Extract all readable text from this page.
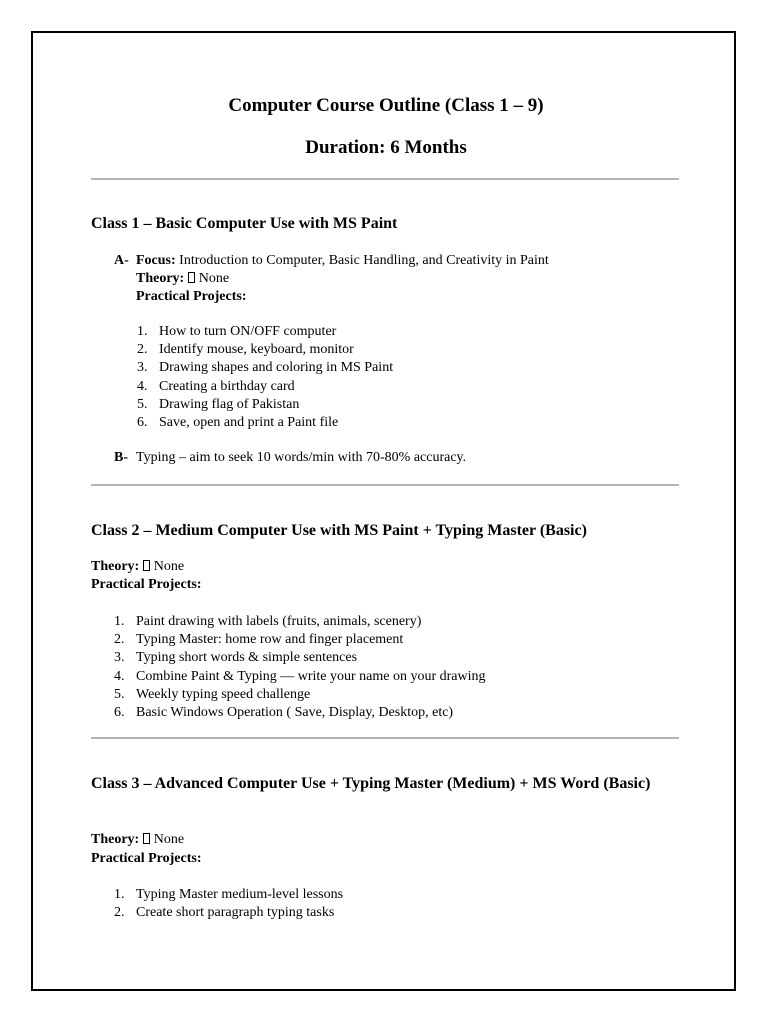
Computer Course Outline (Class 1 – 9)
Duration: 6 Months
Class 1 – Basic Computer Use with MS Paint
A- Focus: Introduction to Computer, Basic Handling, and Creativity in Paint
Theory: None
Practical Projects:
1. How to turn ON/OFF computer
2. Identify mouse, keyboard, monitor
3. Drawing shapes and coloring in MS Paint
4. Creating a birthday card
5. Drawing flag of Pakistan
6. Save, open and print a Paint file
B- Typing – aim to seek 10 words/min with 70-80% accuracy.
Class 2 – Medium Computer Use with MS Paint + Typing Master (Basic)
Theory: None
Practical Projects:
1. Paint drawing with labels (fruits, animals, scenery)
2. Typing Master: home row and finger placement
3. Typing short words & simple sentences
4. Combine Paint & Typing — write your name on your drawing
5. Weekly typing speed challenge
6. Basic Windows Operation ( Save, Display, Desktop, etc)
Class 3 – Advanced Computer Use + Typing Master (Medium) + MS Word (Basic)
Theory: None
Practical Projects:
1. Typing Master medium-level lessons
2. Create short paragraph typing tasks
